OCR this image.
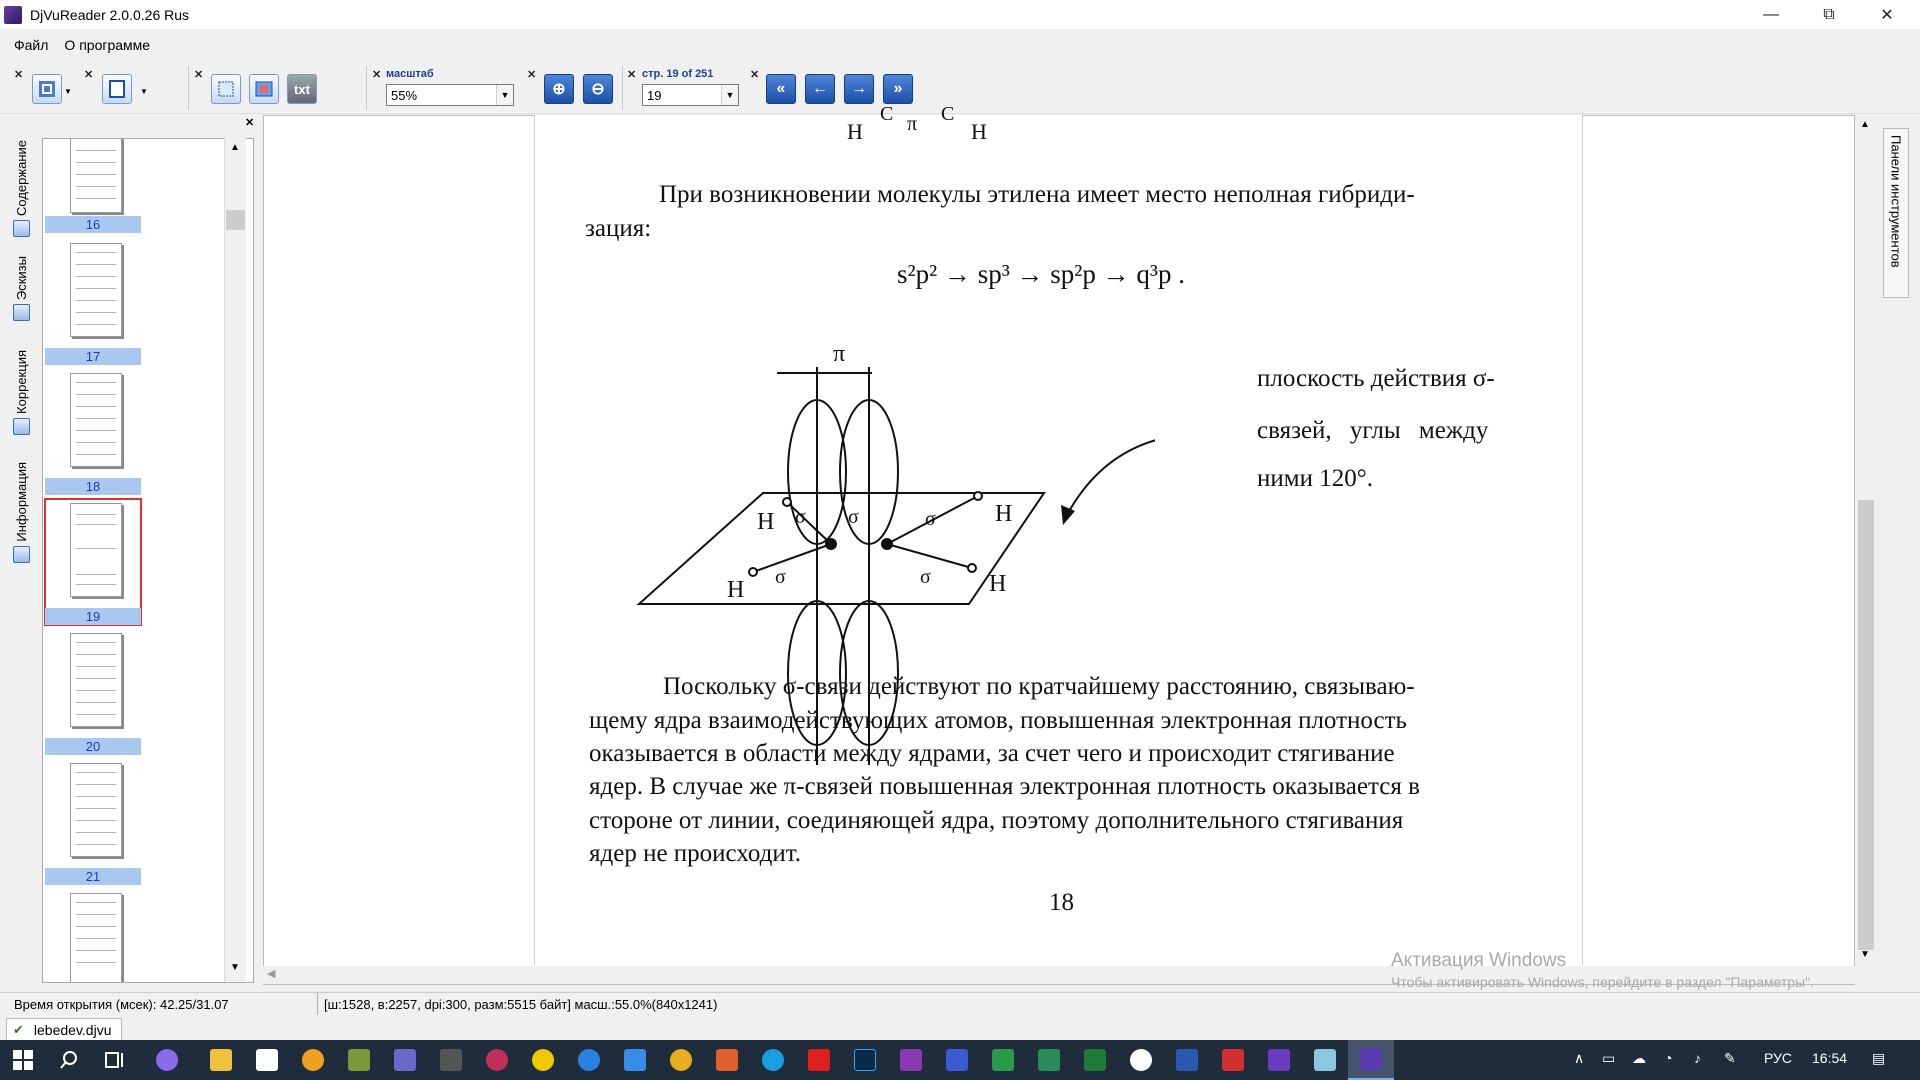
DjVuReader 2.0.0.26 Rus	—	⧉	✕
Файл	О программе
✕
▼
✕
▼
✕
txt
✕ масштаб
55%	▼
✕
⊕ ⊖
✕ стр. 19 of 251
19	▼
✕
« ← → »
✕
Содержание
Эскизы
Коррекция
Информация
16
17
18
19
20
21
▲
▼
H
C π C
H
При возникновении молекулы этилена имеет место неполная гибриди-
зация:
s²p² → sp³ → sp²p → q³p .
π
H
H
H
H
σ
σ
σ	σ
σ
плоскость действия σ-
связей, углы между
ними 120°.
Поскольку σ-связи действуют по кратчайшему расстоянию, связываю-
щему ядра взаимодействующих атомов, повышенная электронная плотность
оказывается в области между ядрами, за счет чего и происходит стягивание
ядер. В случае же π-связей повышенная электронная плотность оказывается в
стороне от линии, соединяющей ядра, поэтому дополнительного стягивания
ядер не происходит.
18
▲
▼
◀
Панели инструментов
Активация Windows
Чтобы активировать Windows, перейдите в раздел "Параметры".
Время открытия (мсек): 42.25/31.07	[ш:1528, в:2257, dpi:300, разм:5515 байт] масш.:55.0%(840x1241)
✔ lebedev.djvu
∧ ▭ ☁ ◔ ♪ ✎ РУС 16:54 ▤
